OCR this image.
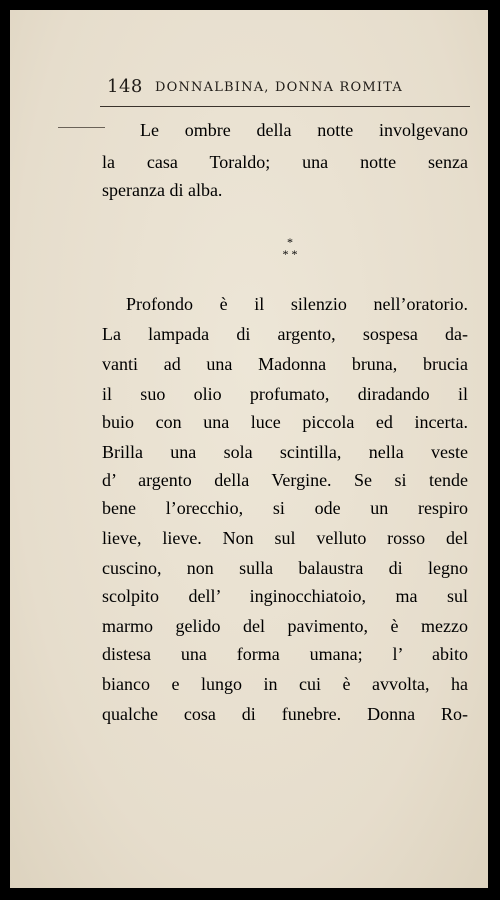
148 DONNALBINA, DONNA ROMITA
Le ombre della notte involgevano
la casa Toraldo; una notte senza
speranza di alba.
*
* *
Profondo è il silenzio nell’oratorio.
La lampada di argento, sospesa da-
vanti ad una Madonna bruna, brucia
il suo olio profumato, diradando il
buio con una luce piccola ed incerta.
Brilla una sola scintilla, nella veste
d’ argento della Vergine. Se si tende
bene l’orecchio, si ode un respiro
lieve, lieve. Non sul velluto rosso del
cuscino, non sulla balaustra di legno
scolpito dell’ inginocchiatoio, ma sul
marmo gelido del pavimento, è mezzo
distesa una forma umana; l’ abito
bianco e lungo in cui è avvolta, ha
qualche cosa di funebre. Donna Ro-
